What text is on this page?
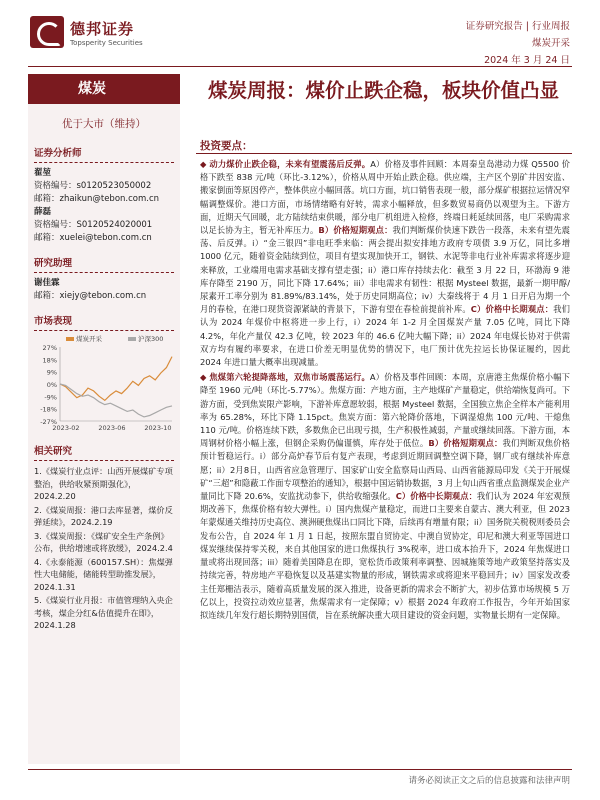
德邦证券
Topsperity Securities
证券研究报告 | 行业周报
煤炭开采
2024 年 3 月 24 日
煤炭
优于大市（维持）
证券分析师
翟堃
资格编号：s0120523050002
邮箱：zhaikun@tebon.com.cn
薛磊
资格编号：S0120524020001
邮箱：xuelei@tebon.com.cn
研究助理
谢佳霖
邮箱：xiejy@tebon.com.cn
市场表现
27%
18%
9%
0%
-9%
-18%
-27%
2023-02	2023-06	2023-10
煤炭开采	沪深300
相关研究
1.《煤炭行业点评：山西开展煤矿专项整治，供给收紧预期强化》，2024.2.20
2.《煤炭周报：港口去库显著，煤价反弹延续》，2024.2.19
3.《煤炭周报：《煤矿安全生产条例》公布，供给增速或将放缓》，2024.2.4
4.《永泰能源（600157.SH）：焦煤弹性大电储能，储能转型助推发展》，2024.1.31
5.《煤炭行业月报：市值管理纳入央企考核，煤企分红&估值提升在即》，2024.1.28
煤炭周报：煤价止跌企稳，板块价值凸显
投资要点：

◆ 动力煤价止跌企稳，未来有望震荡后反弹。A）价格及事件回顾：本周秦皇岛港动力煤 Q5500 价格下跌至 838 元/吨（环比-3.12%），价格从周中开始止跌企稳。供应端，主产区个别矿井因安监、搬家倒面等原因停产，整体供应小幅回落。坑口方面，坑口销售表现一般，部分煤矿根据拉运情况窄幅调整煤价。港口方面，市场情绪略有好转，需求小幅释放，但多数贸易商仍以观望为主。下游方面，近期天气回暖，北方陆续结束供暖，部分电厂机组进入检修，终端日耗延续回落，电厂采购需求以足长协为主，暂无补库压力。B）价格短期观点：我们判断煤价快速下跌告一段落，未来有望先震荡、后反弹。i）“金三银四”非电旺季来临：两会提出拟安排地方政府专项债 3.9 万亿，同比多增 1000 亿元，随着资金陆续到位，项目有望实现加快开工，钢铁、水泥等非电行业补库需求将逐步迎来释放，工业端用电需求基础支撑有望走强；ii）港口库存持续去化：截至 3 月 22 日，环渤海 9 港库存降至 2190 万，同比下降 17.64%；iii）非电需求有韧性：根据 Mysteel 数据，最新一期甲醇/尿素开工率分别为 81.89%/83.14%，处于历史同期高位；iv）大秦线将于 4 月 1 日开启为期一个月的春检，在港口现货资源紧缺的背景下，下游有望在春检前提前补库。C）价格中长期观点：我们认为 2024 年煤价中枢将进一步上行，i）2024 年 1-2 月全国煤炭产量 7.05 亿吨，同比下降 4.2%，年化产量仅 42.3 亿吨，较 2023 年的 46.6 亿吨大幅下降；ii）2024 年电煤长协对于供需双方均有履约率要求，在进口价差无明显优势的情况下，电厂预计优先拉运长协保证履约，因此 2024 年进口量大概率出现减量。

◆ 焦煤第六轮提降落地，双焦市场震荡运行。A）价格及事件回顾：本周，京唐港主焦煤价格小幅下降至 1960 元/吨（环比-5.77%）。焦煤方面：产地方面，主产地煤矿产量稳定，供给端恢复尚可。下游方面，受到焦炭限产影响，下游补库意愿较弱，根据 Mysteel 数据，全国独立焦企全样本产能利用率为 65.28%，环比下降 1.15pct。焦炭方面：第六轮降价落地，下调湿熄焦 100 元/吨、干熄焦 110 元/吨。价格连续下跌，多数焦企已出现亏损，生产积极性减弱，产量或继续回落。下游方面，本周钢材价格小幅上涨，但钢企采购仍偏谨慎，库存处于低位。B）价格短期观点：我们判断双焦价格预计暂稳运行。i）部分高炉春节后有复产表现，考虑到近期回调整空调下降，钢厂或有继续补库意愿；ii）2月8日，山西省应急管理厅、国家矿山安全监察局山西局、山西省能源局印发《关于开展煤矿“三超”和隐蔽工作面专项整治的通知》，根据中国运销协数据，3 月上旬山西省重点监测煤炭企业产量同比下降 20.6%，安监扰动参下，供给收缩强化。C）价格中长期观点：我们认为 2024 年宏观预期改善下，焦煤价格有较大弹性。i）国内焦煤产量稳定，而进口主要来自蒙古、澳大利亚，但 2023 年蒙煤通关维持历史高位、澳洲硬焦煤出口同比下降，后续再有增量有限；ii）国务院关税税则委员会发布公告，自 2024 年 1 月 1 日起，按照东盟自贸协定、中澳自贸协定，印尼和澳大利亚等国进口煤炭继续保持零关税，来自其他国家的进口焦煤执行 3%税率，进口成本抬升下，2024 年焦煤进口量或将出现回落；iii）随着美国降息在即，宽松货币政策利率调整、因城施策等地产政策坚持落实及持续完善，特房地产平稳恢复以及基建实物量的形成，钢铁需求或将迎来平稳回升；iv）国家发改委主任郑栅洁表示，随着高质量发展的深入推进，设备更新的需求会不断扩大，初步估算市场规模 5 万亿以上，投资拉动效应显著，焦煤需求有一定保障；v）根据 2024 年政府工作报告，今年开始国家拟连续几年发行超长期特别国债，旨在系统解决重大项目建设的资金问题，实物量长期有一定保障。

请务必阅读正文之后的信息披露和法律声明
